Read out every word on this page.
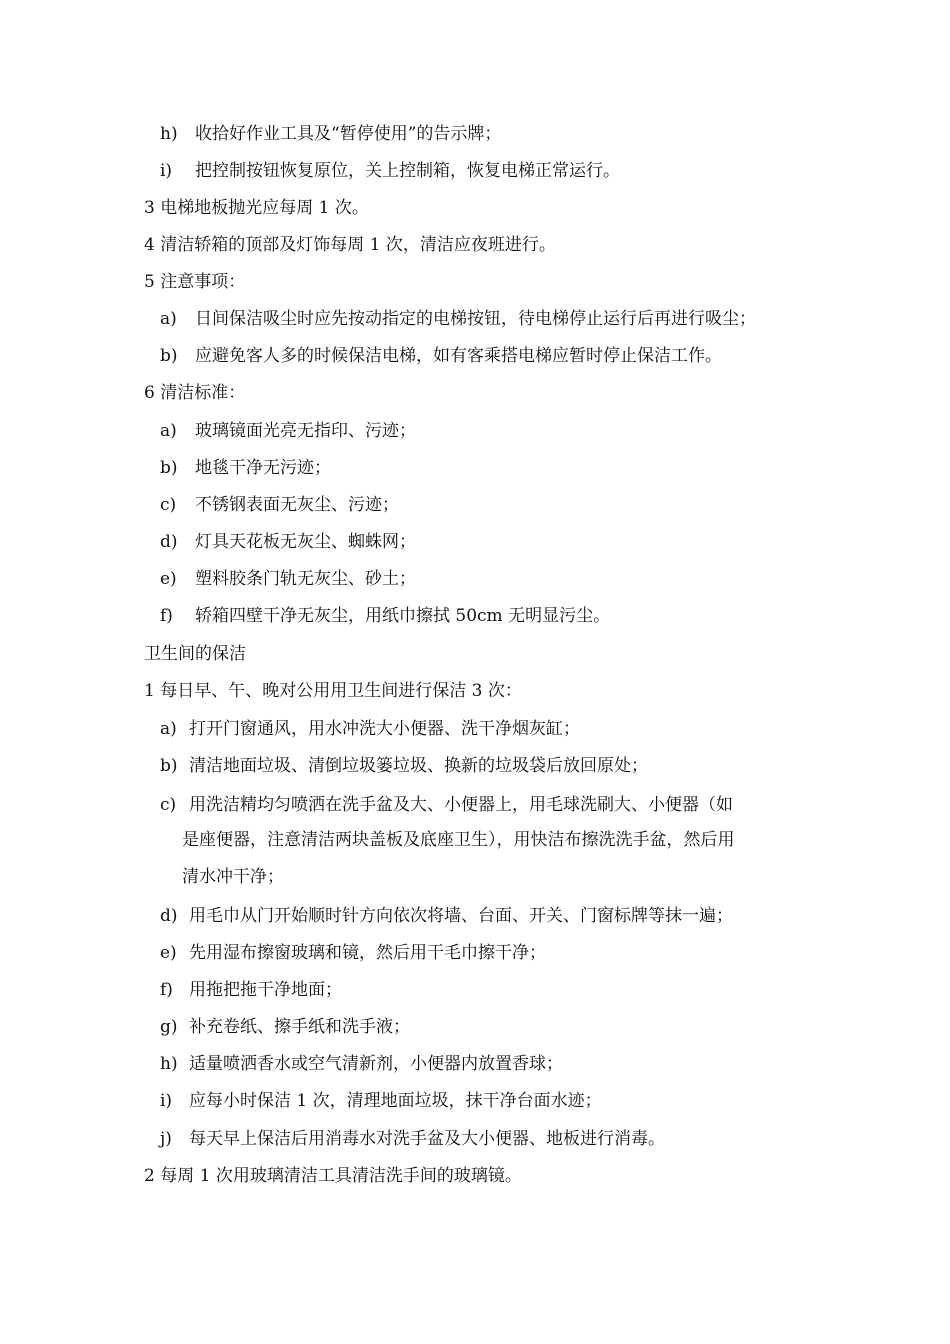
h) 收拾好作业工具及“暂停使用”的告示牌；
i) 把控制按钮恢复原位，关上控制箱，恢复电梯正常运行。
3 电梯地板抛光应每周 1 次。
4 清洁轿箱的顶部及灯饰每周 1 次，清洁应夜班进行。
5 注意事项：
a) 日间保洁吸尘时应先按动指定的电梯按钮，待电梯停止运行后再进行吸尘；
b) 应避免客人多的时候保洁电梯，如有客乘搭电梯应暂时停止保洁工作。
6 清洁标准：
a) 玻璃镜面光亮无指印、污迹；
b) 地毯干净无污迹；
c) 不锈钢表面无灰尘、污迹；
d) 灯具天花板无灰尘、蜘蛛网；
e) 塑料胶条门轨无灰尘、砂土；
f) 轿箱四壁干净无灰尘，用纸巾擦拭 50cm 无明显污尘。
卫生间的保洁
1 每日早、午、晚对公用用卫生间进行保洁 3 次：
a) 打开门窗通风，用水冲洗大小便器、洗干净烟灰缸；
b) 清洁地面垃圾、清倒垃圾篓垃圾、换新的垃圾袋后放回原处；
c) 用洗洁精均匀喷洒在洗手盆及大、小便器上，用毛球洗刷大、小便器（如
是座便器，注意清洁两块盖板及底座卫生），用快洁布擦洗洗手盆，然后用
清水冲干净；
d) 用毛巾从门开始顺时针方向依次将墙、台面、开关、门窗标牌等抹一遍；
e) 先用湿布擦窗玻璃和镜，然后用干毛巾擦干净；
f) 用拖把拖干净地面；
g) 补充卷纸、擦手纸和洗手液；
h) 适量喷洒香水或空气清新剂，小便器内放置香球；
i) 应每小时保洁 1 次，清理地面垃圾，抹干净台面水迹；
j) 每天早上保洁后用消毒水对洗手盆及大小便器、地板进行消毒。
2 每周 1 次用玻璃清洁工具清洁洗手间的玻璃镜。
